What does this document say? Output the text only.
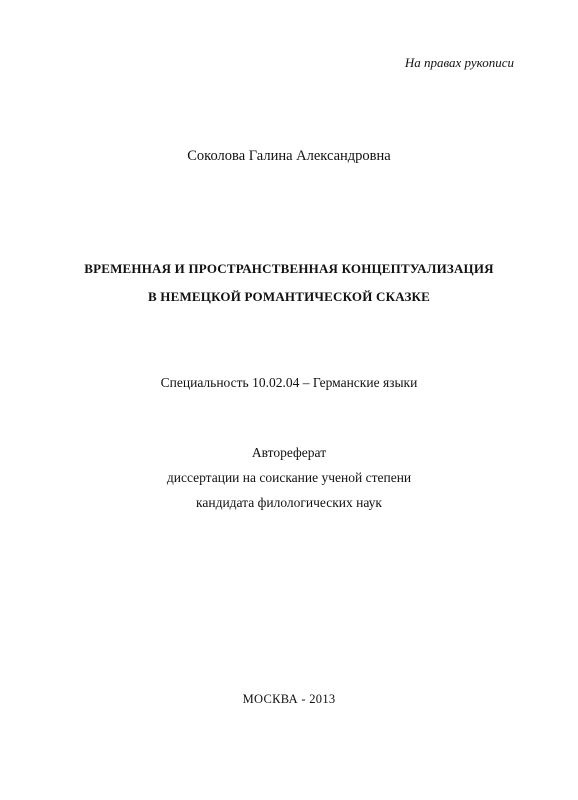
На правах рукописи
Соколова Галина Александровна
ВРЕМЕННАЯ И ПРОСТРАНСТВЕННАЯ КОНЦЕПТУАЛИЗАЦИЯ
В НЕМЕЦКОЙ РОМАНТИЧЕСКОЙ СКАЗКЕ
Специальность 10.02.04 – Германские языки
Автореферат
диссертации на соискание ученой степени
кандидата филологических наук
МОСКВА - 2013
